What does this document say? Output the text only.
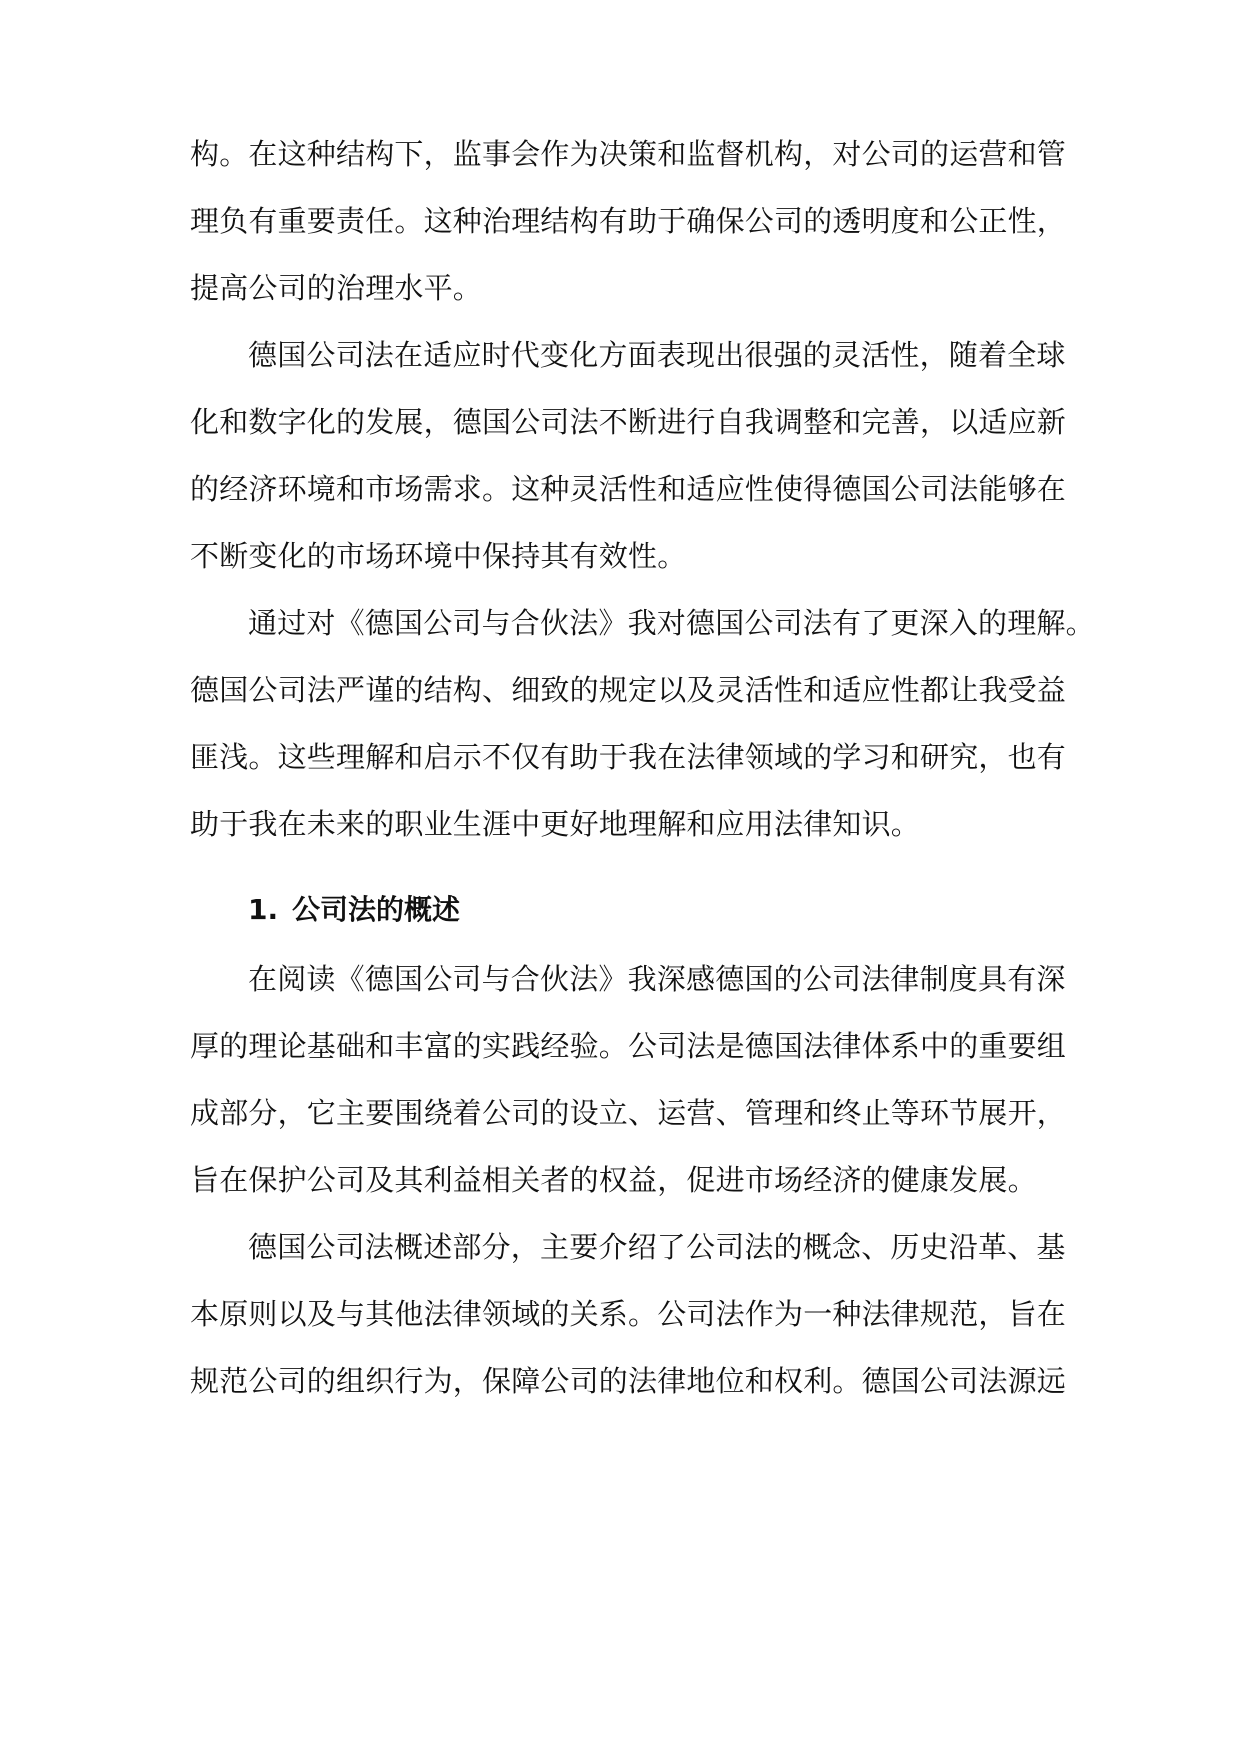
构。在这种结构下，监事会作为决策和监督机构，对公司的运营和管
理负有重要责任。这种治理结构有助于确保公司的透明度和公正性，
提高公司的治理水平。
德国公司法在适应时代变化方面表现出很强的灵活性，随着全球
化和数字化的发展，德国公司法不断进行自我调整和完善，以适应新
的经济环境和市场需求。这种灵活性和适应性使得德国公司法能够在
不断变化的市场环境中保持其有效性。
通过对《德国公司与合伙法》我对德国公司法有了更深入的理解。
德国公司法严谨的结构、细致的规定以及灵活性和适应性都让我受益
匪浅。这些理解和启示不仅有助于我在法律领域的学习和研究，也有
助于我在未来的职业生涯中更好地理解和应用法律知识。
1. 公司法的概述
在阅读《德国公司与合伙法》我深感德国的公司法律制度具有深
厚的理论基础和丰富的实践经验。公司法是德国法律体系中的重要组
成部分，它主要围绕着公司的设立、运营、管理和终止等环节展开，
旨在保护公司及其利益相关者的权益，促进市场经济的健康发展。
德国公司法概述部分，主要介绍了公司法的概念、历史沿革、基
本原则以及与其他法律领域的关系。公司法作为一种法律规范，旨在
规范公司的组织行为，保障公司的法律地位和权利。德国公司法源远
